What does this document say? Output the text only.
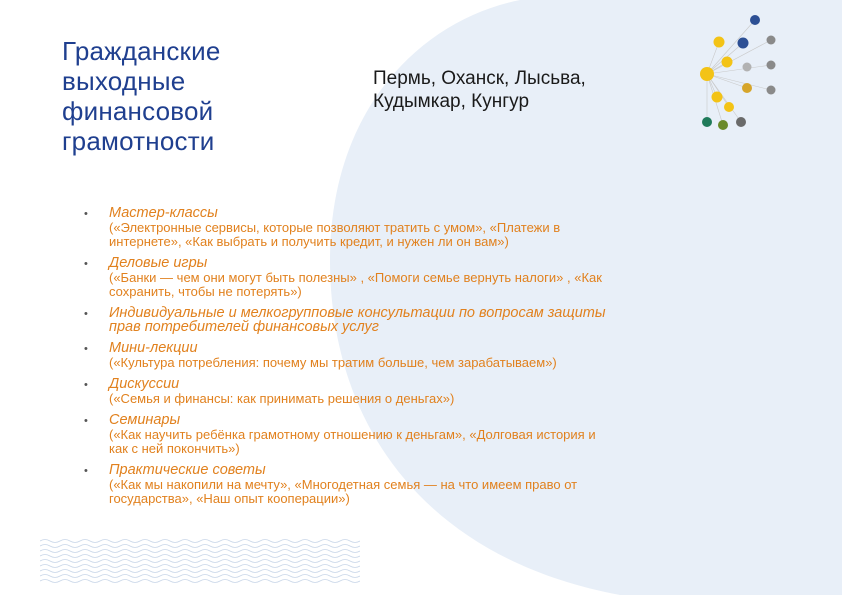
Гражданские
выходные
финансовой
грамотности
Пермь, Оханск, Лысьва,
Кудымкар, Кунгур
• Мастер-классы
(«Электронные сервисы, которые позволяют тратить с умом», «Платежи в
интернете», «Как выбрать и получить кредит, и нужен ли он вам»)
• Деловые игры
(«Банки — чем они могут быть полезны» , «Помоги семье вернуть налоги» , «Как
сохранить, чтобы не потерять»)
• Индивидуальные и мелкогрупповые консультации по вопросам защиты
прав потребителей финансовых услуг
• Мини-лекции
(«Культура потребления: почему мы тратим больше, чем зарабатываем»)
• Дискуссии
(«Семья и финансы: как принимать решения о деньгах»)
• Семинары
(«Как научить ребёнка грамотному отношению к деньгам», «Долговая история и
как с ней покончить»)
• Практические советы
(«Как мы накопили на мечту», «Многодетная семья — на что имеем право от
государства», «Наш опыт кооперации»)
